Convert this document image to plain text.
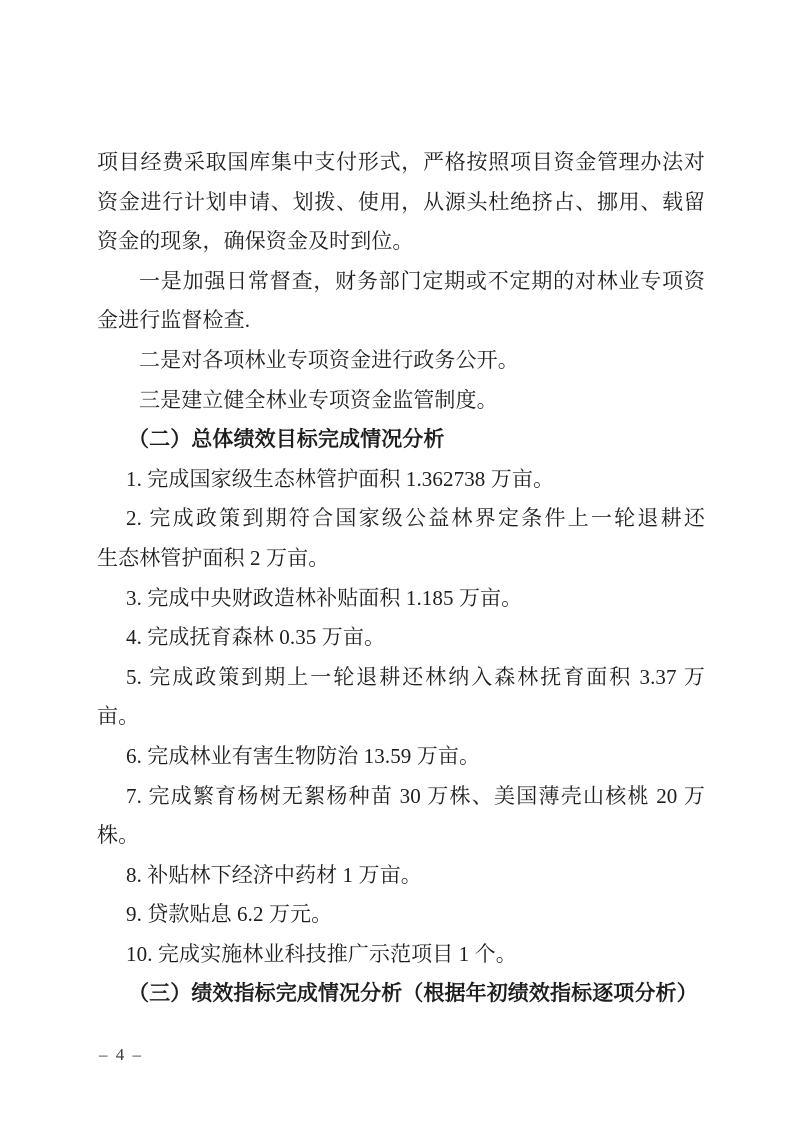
项目经费采取国库集中支付形式，严格按照项目资金管理办法对
资金进行计划申请、划拨、使用，从源头杜绝挤占、挪用、载留
资金的现象，确保资金及时到位。
一是加强日常督查，财务部门定期或不定期的对林业专项资
金进行监督检查.
二是对各项林业专项资金进行政务公开。
三是建立健全林业专项资金监管制度。
（二）总体绩效目标完成情况分析
1. 完成国家级生态林管护面积 1.362738 万亩。
2. 完成政策到期符合国家级公益林界定条件上一轮退耕还
生态林管护面积 2 万亩。
3. 完成中央财政造林补贴面积 1.185 万亩。
4. 完成抚育森林 0.35 万亩。
5. 完成政策到期上一轮退耕还林纳入森林抚育面积 3.37 万
亩。
6. 完成林业有害生物防治 13.59 万亩。
7. 完成繁育杨树无絮杨种苗 30 万株、美国薄壳山核桃 20 万
株。
8. 补贴林下经济中药材 1 万亩。
9. 贷款贴息 6.2 万元。
10. 完成实施林业科技推广示范项目 1 个。
（三）绩效指标完成情况分析（根据年初绩效指标逐项分析）
– 4 –
